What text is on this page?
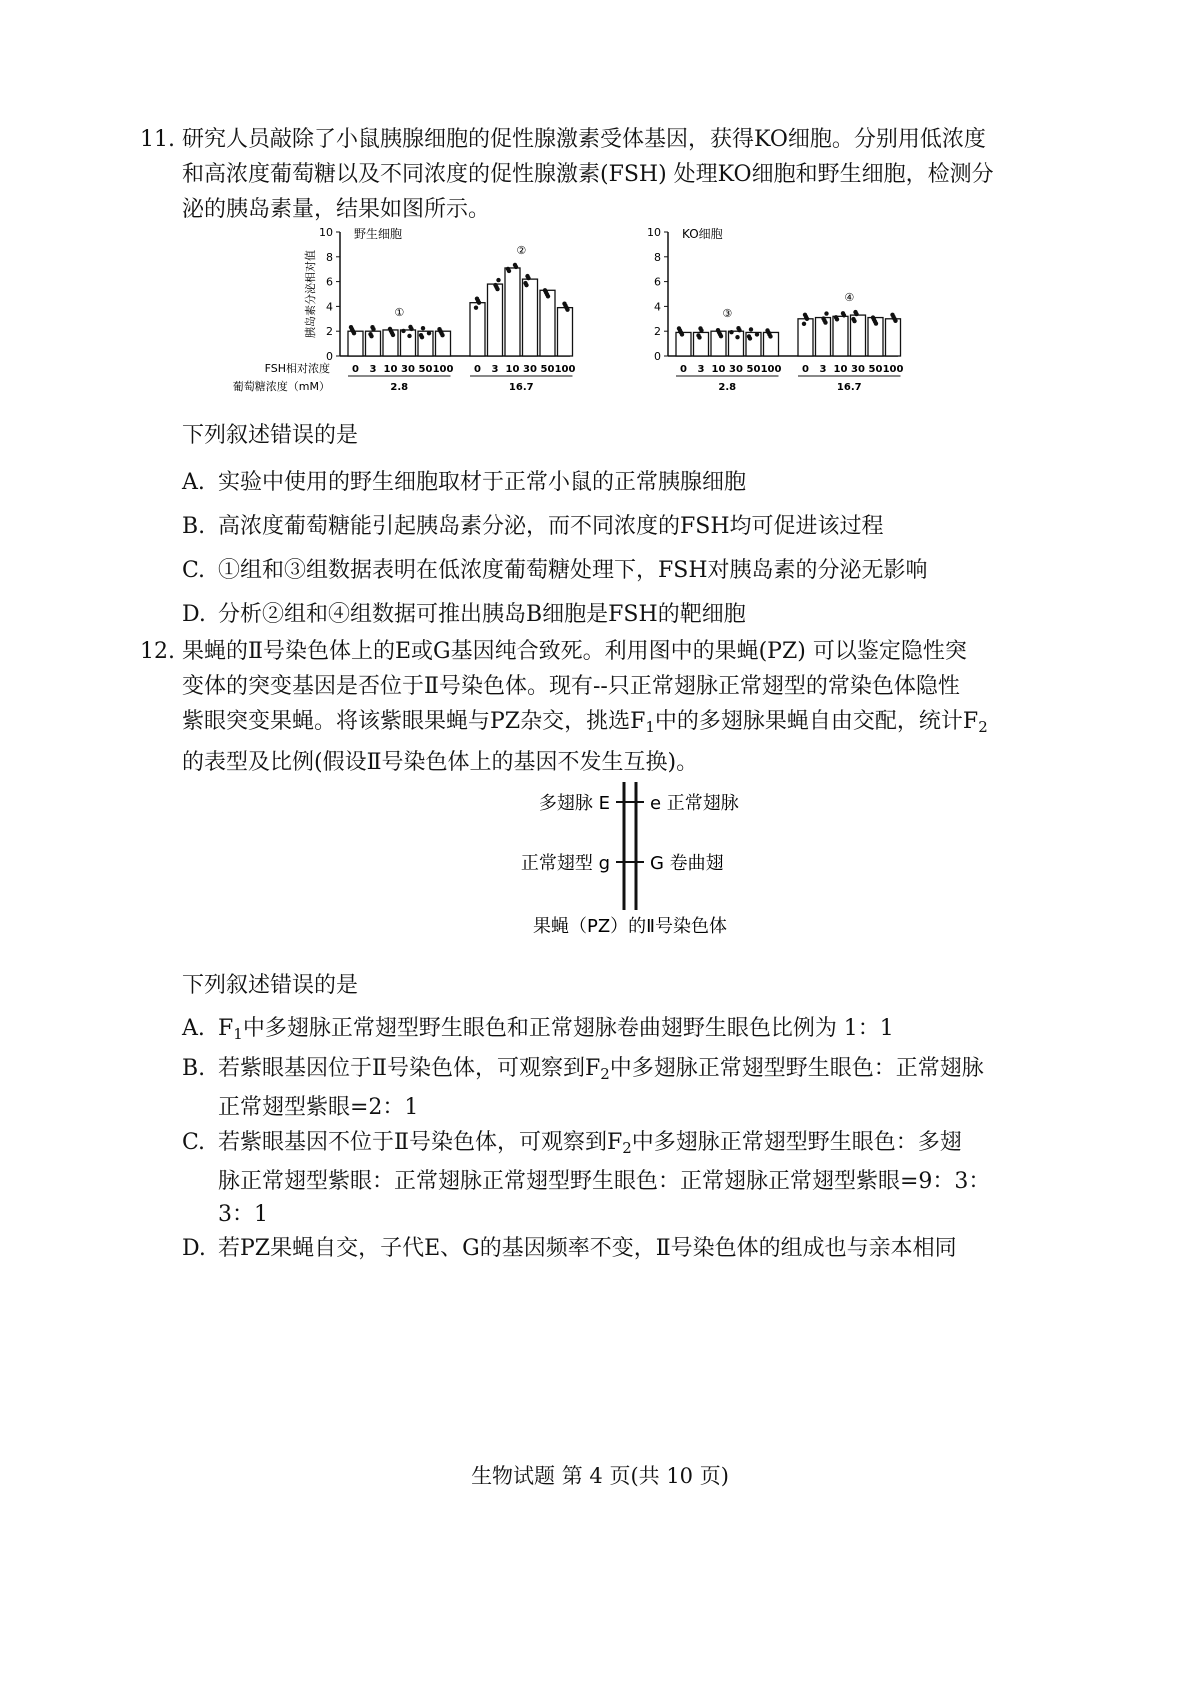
11. 研究人员敲除了小鼠胰腺细胞的促性腺激素受体基因，获得KO细胞。分别用低浓度
和高浓度葡萄糖以及不同浓度的促性腺激素(FSH) 处理KO细胞和野生细胞，检测分
泌的胰岛素量，结果如图所示。
野生细胞
0
2
4
6
8
10
0 3 10 30 50 100 0 3 10 30 50 100
2.8
①
16.7
②
胰岛素分泌相对值
FSH相对浓度
葡萄糖浓度（mM）
KO细胞
0
2
4
6
8
10
0 3 10 30 50 100 0 3 10 30 50 100
2.8
③
16.7
④
下列叙述错误的是
A. 实验中使用的野生细胞取材于正常小鼠的正常胰腺细胞
B. 高浓度葡萄糖能引起胰岛素分泌，而不同浓度的FSH均可促进该过程
C. ①组和③组数据表明在低浓度葡萄糖处理下，FSH对胰岛素的分泌无影响
D. 分析②组和④组数据可推出胰岛B细胞是FSH的靶细胞
12. 果蝇的Ⅱ号染色体上的E或G基因纯合致死。利用图中的果蝇(PZ) 可以鉴定隐性突
变体的突变基因是否位于Ⅱ号染色体。现有--只正常翅脉正常翅型的常染色体隐性
紫眼突变果蝇。将该紫眼果蝇与PZ杂交，挑选$F_1$中的多翅脉果蝇自由交配，统计$F_2$
的表型及比例(假设Ⅱ号染色体上的基因不发生互换)。
多翅脉 E e 正常翅脉
正常翅型 g G 卷曲翅
果蝇（PZ）的Ⅱ号染色体
下列叙述错误的是
A. $F_1$中多翅脉正常翅型野生眼色和正常翅脉卷曲翅野生眼色比例为 1：1
B. 若紫眼基因位于Ⅱ号染色体，可观察到$F_2$中多翅脉正常翅型野生眼色：正常翅脉
正常翅型紫眼=2：1
C. 若紫眼基因不位于Ⅱ号染色体，可观察到$F_2$中多翅脉正常翅型野生眼色：多翅
脉正常翅型紫眼：正常翅脉正常翅型野生眼色：正常翅脉正常翅型紫眼=9：3：
3：1
D. 若PZ果蝇自交，子代E、G的基因频率不变，Ⅱ号染色体的组成也与亲本相同
生物试题 第 4 页(共 10 页)
